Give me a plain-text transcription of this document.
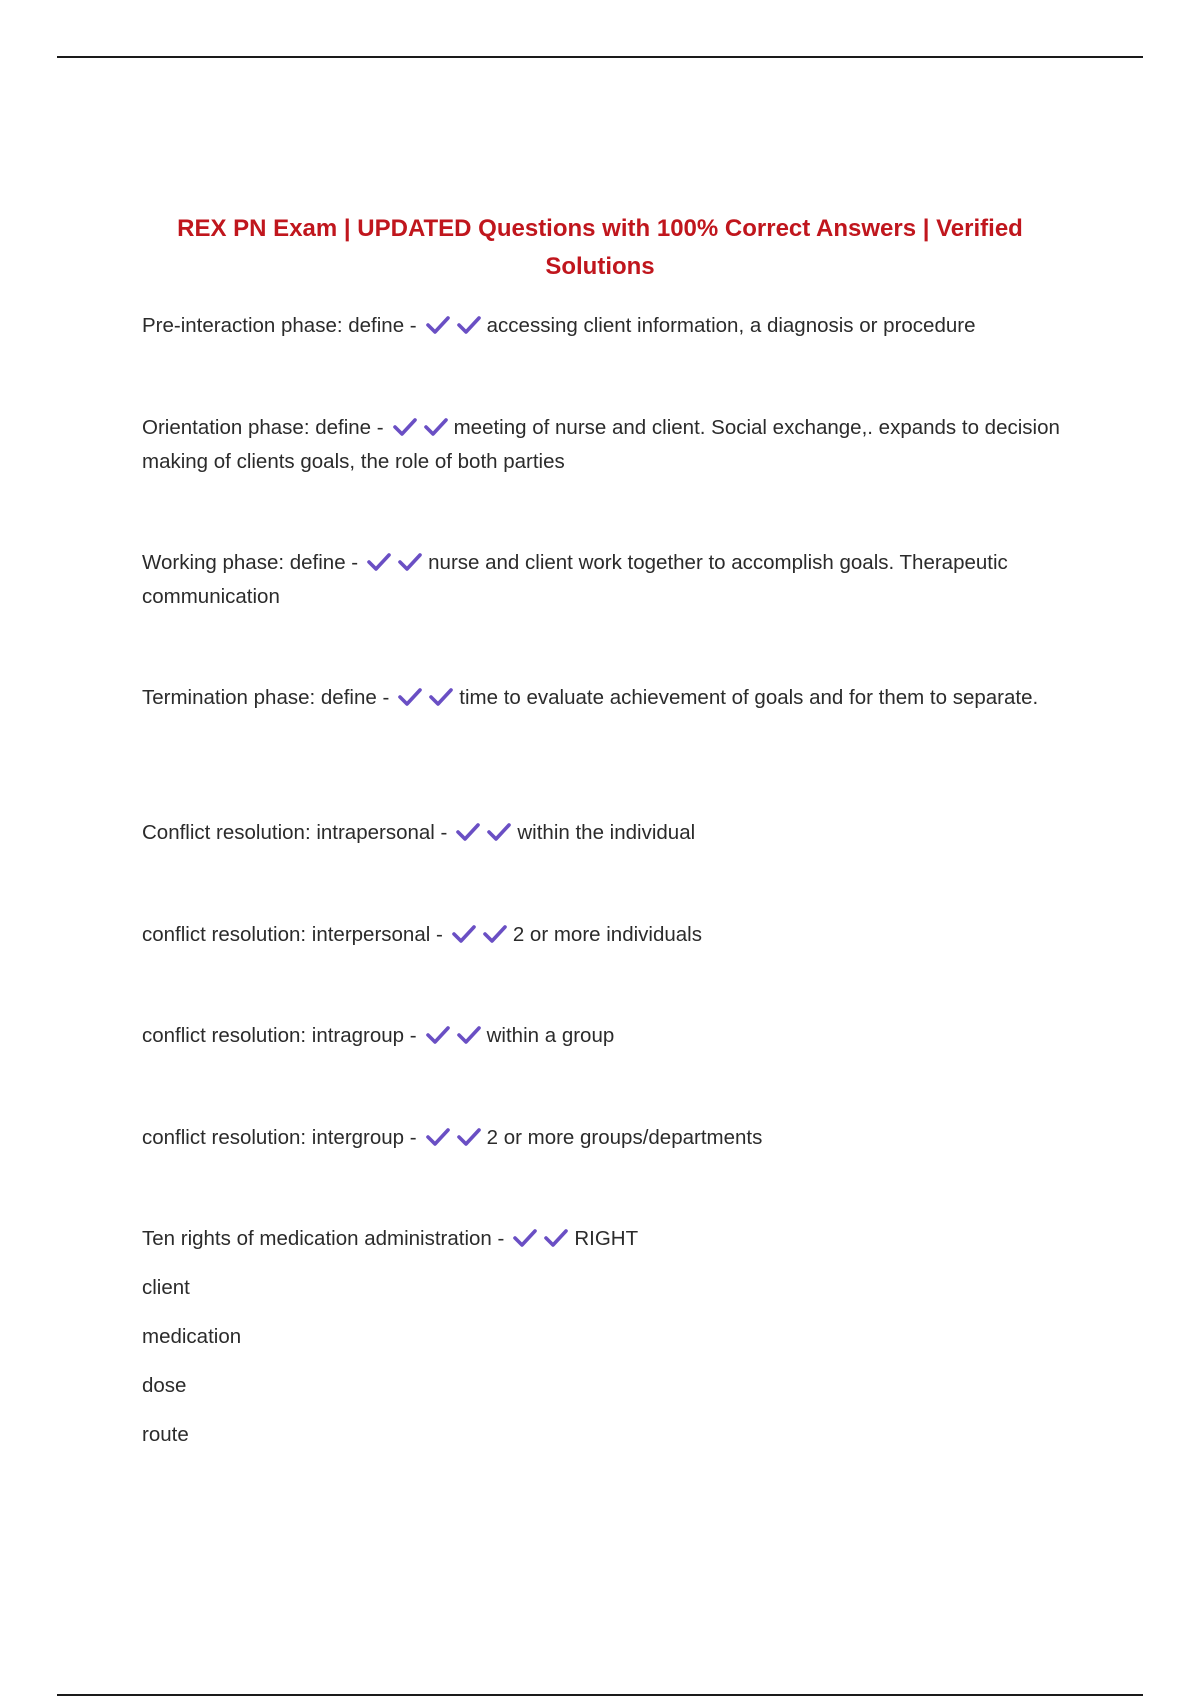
REX PN Exam | UPDATED Questions with 100% Correct Answers | Verified
Solutions
Pre-interaction phase: define -	accessing client information, a diagnosis or procedure
Orientation phase: define -	meeting of nurse and client. Social exchange,. expands to decision making of clients goals, the role of both parties
Working phase: define -	nurse and client work together to accomplish goals. Therapeutic communication
Termination phase: define -	time to evaluate achievement of goals and for them to separate.
Conflict resolution: intrapersonal -	within the individual
conflict resolution: interpersonal -	2 or more individuals
conflict resolution: intragroup -	within a group
conflict resolution: intergroup -	2 or more groups/departments
Ten rights of medication administration -	RIGHT
client
medication
dose
route
